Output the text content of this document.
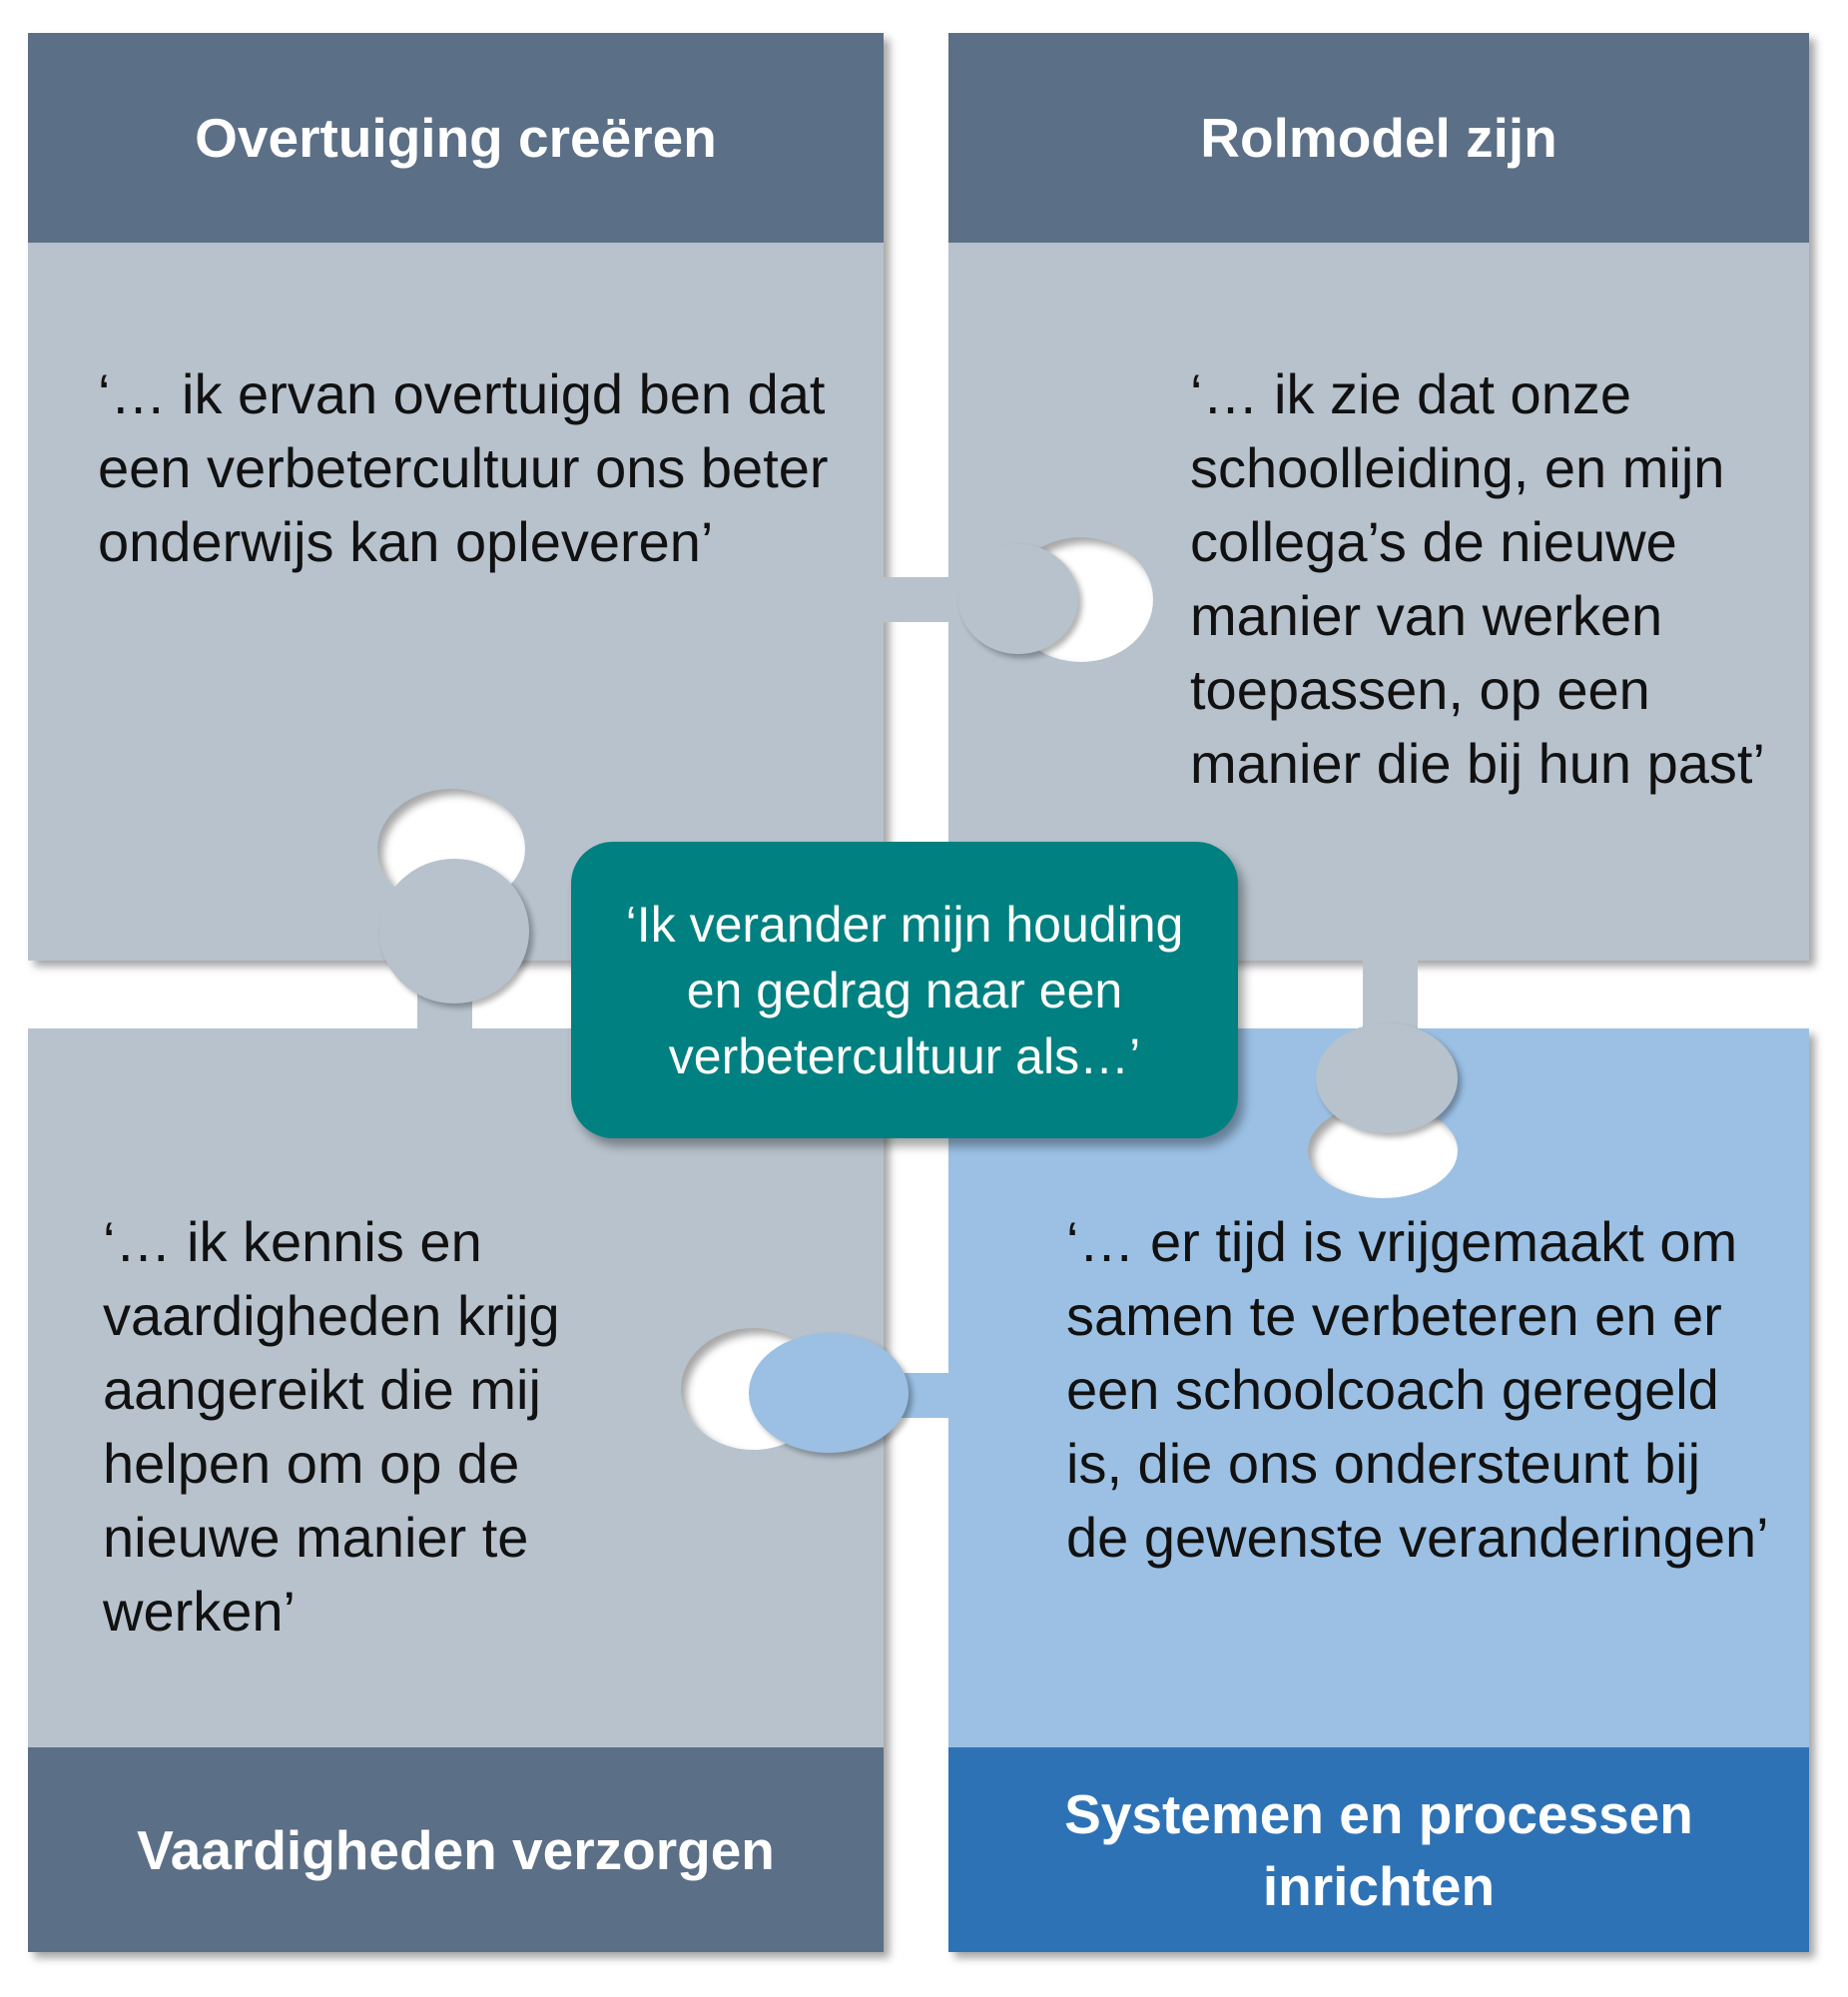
Overtuiging creëren
‘… ik ervan overtuigd ben dat een verbetercultuur ons beter onderwijs kan opleveren’
Rolmodel zijn
‘… ik zie dat onze schoolleiding, en mijn collega’s de nieuwe manier van werken toepassen, op een manier die bij hun past’
‘… ik kennis en vaardigheden krijg aangereikt die mij helpen om op de nieuwe manier te werken’
Vaardigheden verzorgen
‘… er tijd is vrijgemaakt om samen te verbeteren en er een schoolcoach geregeld is, die ons ondersteunt bij de gewenste veranderingen’
Systemen en processen inrichten
‘Ik verander mijn houding en gedrag naar een verbetercultuur als…’
